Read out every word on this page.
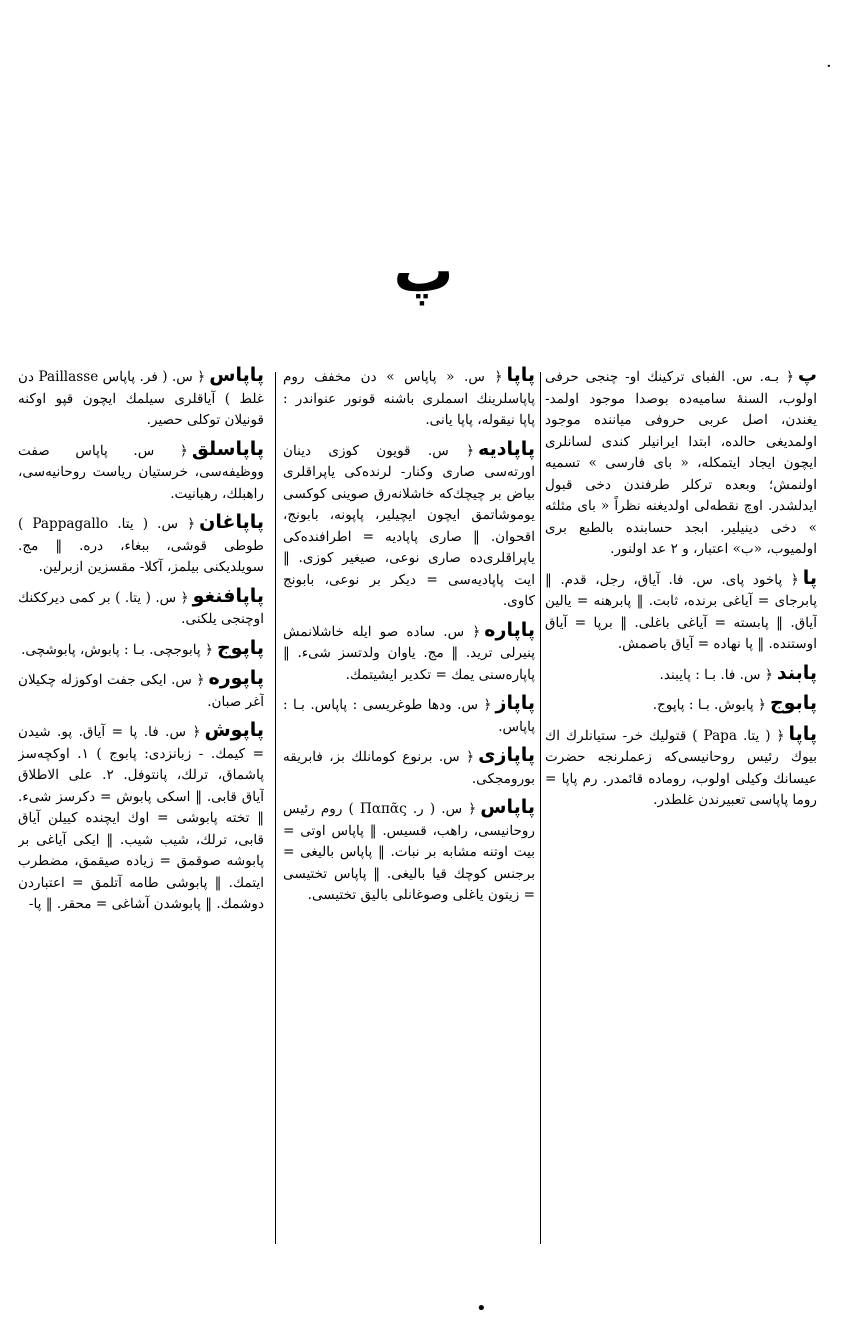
·
پ

پ﴿ بـه. س. الفبای ترکینك او- چنجی حرفی اولوب، السنهٔ سامیه‌ده بوصدا موجود اولمد- یغندن، اصل عربی حروفی میاننده موجود اولمدیغی حالده، ابتدا ایرانیلر کندی لسانلری ایچون ایجاد ایتمکله، « بای فارسی » تسمیه اولنمش؛ وبعده ترکلر طرفندن دخی قبول ایدلشدر. اوچ نقطه‌لی اولدیغنه نظراً « بای مثلثه » دخی دینیلیر. ابجد حسابنده بالطبع بری اولمیوب، «ب» اعتبار، و ۲ عد اولنور.

پا﴿ پاخود پای. س. فا. آیاق، رجل، قدم. ‖ پابرجای = آیاغی برنده، ثابت. ‖ پابرهنه = یالین آیاق. ‖ پابسته = آیاغی باغلی. ‖ برپا = آیاق اوستنده. ‖ پا نهاده = آیاق باصمش.

پابند﴿ س. فا. بـا : پایبند.

پابوج﴿ پابوش. بـا : پاپوج.

پاپا﴿ ( یتا. Papa ) قتولیك خر- ستیانلرك اك بیوك رئیس روحانیسی‌که زعملرنجه حضرت عیسانك وکیلی اولوب، روماده قائمدر. رم پاپا = روما پاپاسی تعبیرندن غلطدر.

پاپا﴿ س. « پاپاس » دن مخفف روم پاپاسلرینك اسملری باشنه قونور عنواندر : پاپا نیقوله، پاپا یانی.

پاپادیه﴿ س. قویون کوزی دینان اورته‌سی صاری وکنار- لرنده‌کی یاپراقلری بیاض بر چیچك‌که خاشلانه‌رق صوینی کوکسی یوموشاتمق ایچون ایچیلیر، پاپونه، بابونج، اقحوان. ‖ صاری پاپادیه = اطرافنده‌کی یاپراقلری‌ده صاری نوعی، صیغیر کوزی. ‖ ایت پاپادیه‌سی = دیکر بر نوعی، بابونج کاوی.

پاپاره﴿ س. ساده صو ایله خاشلانمش پنیرلی ترید. ‖ مج. یاوان ولدتسز شیء. ‖ پاپاره‌سنی یمك = تکدیر ایشیتمك.

پاپاز﴿ س. ودها طوغریسی : پاپاس. بـا : پاپاس.

پاپازی﴿ س. برنوع کومانلك بز، فابریقه بورومجکی.

پاپاس﴿ س. ( ر. Παπᾶς ) روم رئیس روحانیسی، راهب، قسیس. ‖ پاپاس اوتی = بیت اوتنه مشابه بر نبات. ‖ پاپاس بالیغی = برجنس کوچك قیا بالیغی. ‖ پاپاس تختیسی = زیتون یاغلی وصوغانلی بالیق تختیسی.

پاپاس﴿ س. ( فر. پاپاس Paillasse دن غلط ) آیاقلری سیلمك ایچون قپو اوکنه قونیلان توکلی حصیر.

پاپاسلق﴿ س. پاپاس صفت ووظیفه‌سی، خرستیان ریاست روحانیه‌سی، راهبلك، رهبانیت.

پاپاغان﴿ س. ( یتا. Pappagallo ) طوطی قوشی، ببغاء، دره. ‖ مج. سویلدیکنی بیلمز، آکلا- مقسزین ازبرلین.

پاپافنغو﴿ س. ( یتا. ) بر کمی دیرککنك اوچنجی یلکنی.

پاپوج﴿ پابوجچی. بـا : پابوش، پابوشچی.

پاپوره﴿ س. ایکی جفت اوکوزله چکیلان آغر صبان.

پاپوش﴿ س. فا. پا = آیاق. پو. شیدن = کیمك. - زبانزدی: پابوج ) ۱. اوکچه‌سز پاشماق، ترلك، پانتوفل. ۲. علی الاطلاق آیاق قابی. ‖ اسکی پابوش = دکرسز شیء. ‖ تخته پابوشی = اوك ایچنده کییلن آیاق قابی، ترلك، شیب شیب. ‖ ایکی آیاغی بر پابوشه صوقمق = زیاده صیقمق، مضطرب ایتمك. ‖ پابوشی طامه آتلمق = اعتباردن دوشمك. ‖ پابوشدن آشاغی = محقر. ‖ پا-

•
